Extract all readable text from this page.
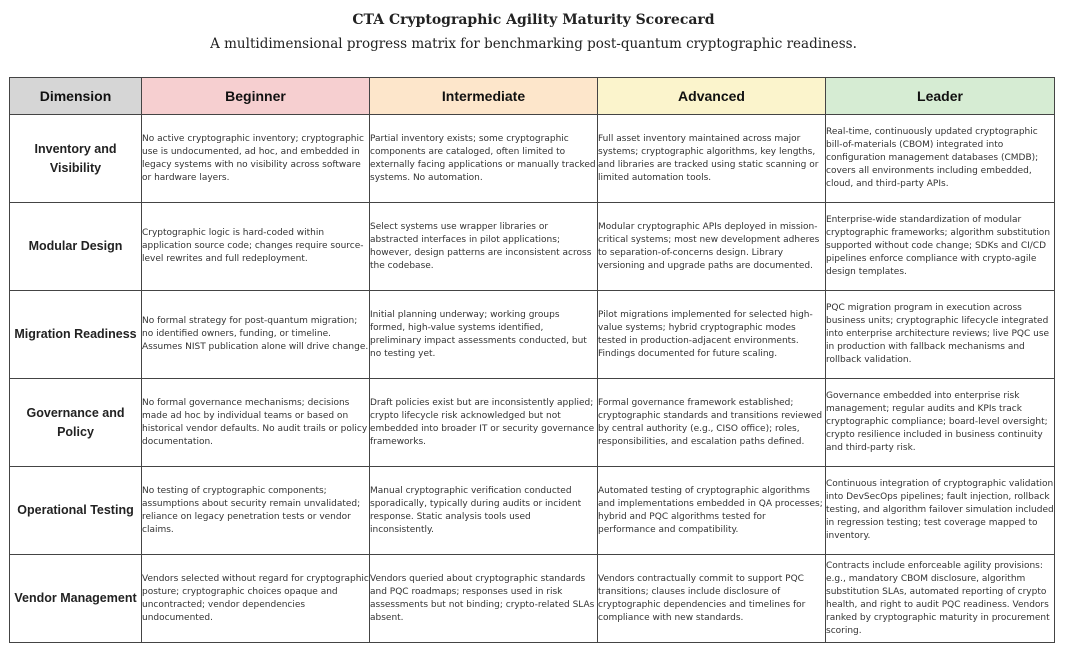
CTA Cryptographic Agility Maturity Scorecard
A multidimensional progress matrix for benchmarking post-quantum cryptographic readiness.
Dimension	Beginner	Intermediate	Advanced	Leader
Inventory and Visibility	No active cryptographic inventory; cryptographic use is undocumented, ad hoc, and embedded in legacy systems with no visibility across software or hardware layers.	Partial inventory exists; some cryptographic components are cataloged, often limited to externally facing applications or manually tracked systems. No automation.	Full asset inventory maintained across major systems; cryptographic algorithms, key lengths, and libraries are tracked using static scanning or limited automation tools.	Real-time, continuously updated cryptographic bill-of-materials (CBOM) integrated into configuration management databases (CMDB); covers all environments including embedded, cloud, and third-party APIs.
Modular Design	Cryptographic logic is hard-coded within application source code; changes require source-level rewrites and full redeployment.	Select systems use wrapper libraries or abstracted interfaces in pilot applications; however, design patterns are inconsistent across the codebase.	Modular cryptographic APIs deployed in mission-critical systems; most new development adheres to separation-of-concerns design. Library versioning and upgrade paths are documented.	Enterprise-wide standardization of modular cryptographic frameworks; algorithm substitution supported without code change; SDKs and CI/CD pipelines enforce compliance with crypto-agile design templates.
Migration Readiness	No formal strategy for post-quantum migration; no identified owners, funding, or timeline. Assumes NIST publication alone will drive change.	Initial planning underway; working groups formed, high-value systems identified, preliminary impact assessments conducted, but no testing yet.	Pilot migrations implemented for selected high-value systems; hybrid cryptographic modes tested in production-adjacent environments. Findings documented for future scaling.	PQC migration program in execution across business units; cryptographic lifecycle integrated into enterprise architecture reviews; live PQC use in production with fallback mechanisms and rollback validation.
Governance and Policy	No formal governance mechanisms; decisions made ad hoc by individual teams or based on historical vendor defaults. No audit trails or policy documentation.	Draft policies exist but are inconsistently applied; crypto lifecycle risk acknowledged but not embedded into broader IT or security governance frameworks.	Formal governance framework established; cryptographic standards and transitions reviewed by central authority (e.g., CISO office); roles, responsibilities, and escalation paths defined.	Governance embedded into enterprise risk management; regular audits and KPIs track cryptographic compliance; board-level oversight; crypto resilience included in business continuity and third-party risk.
Operational Testing	No testing of cryptographic components; assumptions about security remain unvalidated; reliance on legacy penetration tests or vendor claims.	Manual cryptographic verification conducted sporadically, typically during audits or incident response. Static analysis tools used inconsistently.	Automated testing of cryptographic algorithms and implementations embedded in QA processes; hybrid and PQC algorithms tested for performance and compatibility.	Continuous integration of cryptographic validation into DevSecOps pipelines; fault injection, rollback testing, and algorithm failover simulation included in regression testing; test coverage mapped to inventory.
Vendor Management	Vendors selected without regard for cryptographic posture; cryptographic choices opaque and uncontracted; vendor dependencies undocumented.	Vendors queried about cryptographic standards and PQC roadmaps; responses used in risk assessments but not binding; crypto-related SLAs absent.	Vendors contractually commit to support PQC transitions; clauses include disclosure of cryptographic dependencies and timelines for compliance with new standards.	Contracts include enforceable agility provisions: e.g., mandatory CBOM disclosure, algorithm substitution SLAs, automated reporting of crypto health, and right to audit PQC readiness. Vendors ranked by cryptographic maturity in procurement scoring.
